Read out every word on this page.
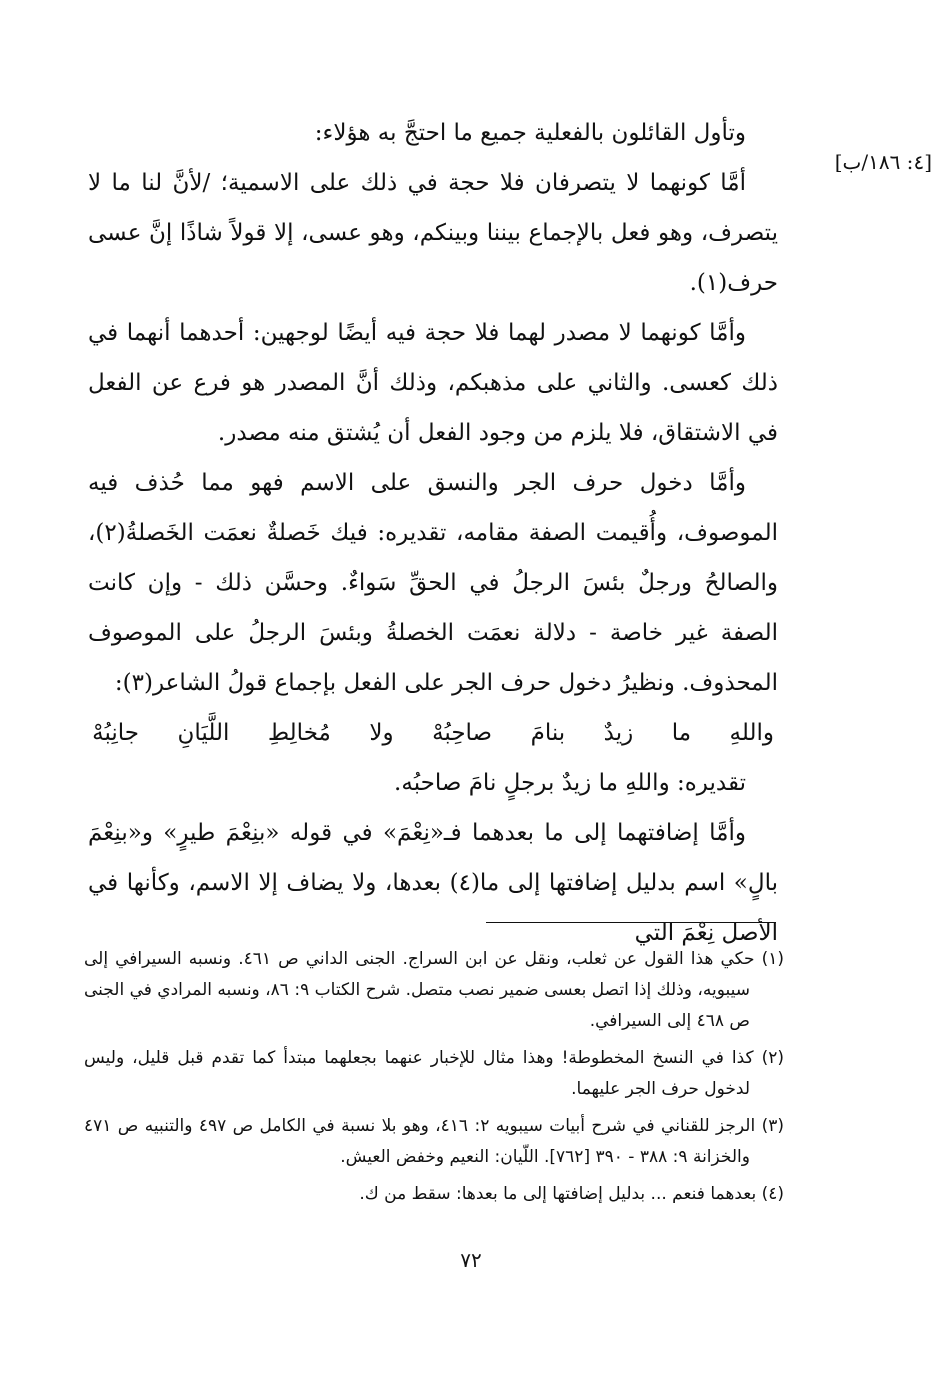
[٤: ١٨٦/ب]

وتأول القائلون بالفعلية جميع ما احتجَّ به هؤلاء:

أمَّا كونهما لا يتصرفان فلا حجة في ذلك على الاسمية؛ /لأنَّ لنا ما لا يتصرف، وهو فعل بالإجماع بيننا وبينكم، وهو عسى، إلا قولاً شاذًا إنَّ عسى حرف(١).

وأمَّا كونهما لا مصدر لهما فلا حجة فيه أيضًا لوجهين: أحدهما أنهما في ذلك كعسى. والثاني على مذهبكم، وذلك أنَّ المصدر هو فرع عن الفعل في الاشتقاق، فلا يلزم من وجود الفعل أن يُشتق منه مصدر.

وأمَّا دخول حرف الجر والنسق على الاسم فهو مما حُذف فيه الموصوف، وأُقيمت الصفة مقامه، تقديره: فيك خَصلةٌ نعمَت الخَصلةُ(٢)، والصالحُ ورجلٌ بئسَ الرجلُ في الحقِّ سَواءٌ. وحسَّن ذلك - وإن كانت الصفة غير خاصة - دلالة نعمَت الخصلةُ وبئسَ الرجلُ على الموصوف المحذوف. ونظيرُ دخول حرف الجر على الفعل بإجماع قولُ الشاعر(٣):

واللهِ
ما
زيدٌ
بنامَ
صاحِبُهْ
ولا
مُخالِطِ
اللَّيَانِ
جانِبُهْ

تقديره: واللهِ ما زيدٌ برجلٍ نامَ صاحبُه.

وأمَّا إضافتهما إلى ما بعدهما فـ«نِعْمَ» في قوله «بنِعْمَ طيرٍ» و«بنِعْمَ بالٍ» اسم بدليل إضافتها إلى ما(٤) بعدها، ولا يضاف إلا الاسم، وكأنها في الأصل نِعْمَ التي

(١) حكي هذا القول عن ثعلب، ونقل عن ابن السراج. الجنى الداني ص ٤٦١. ونسبه السيرافي إلى سيبويه، وذلك إذا اتصل بعسى ضمير نصب متصل. شرح الكتاب ٩: ٨٦، ونسبه المرادي في الجنى ص ٤٦٨ إلى السيرافي.

(٢) كذا في النسخ المخطوطة! وهذا مثال للإخبار عنهما بجعلهما مبتدأ كما تقدم قبل قليل، وليس لدخول حرف الجر عليهما.

(٣) الرجز للقناني في شرح أبيات سيبويه ٢: ٤١٦، وهو بلا نسبة في الكامل ص ٤٩٧ والتنبيه ص ٤٧١ والخزانة ٩: ٣٨٨ - ٣٩٠ [٧٦٢]. اللّيان: النعيم وخفض العيش.

(٤) بعدهما فنعم ... بدليل إضافتها إلى ما بعدها: سقط من ك.

٧٢
